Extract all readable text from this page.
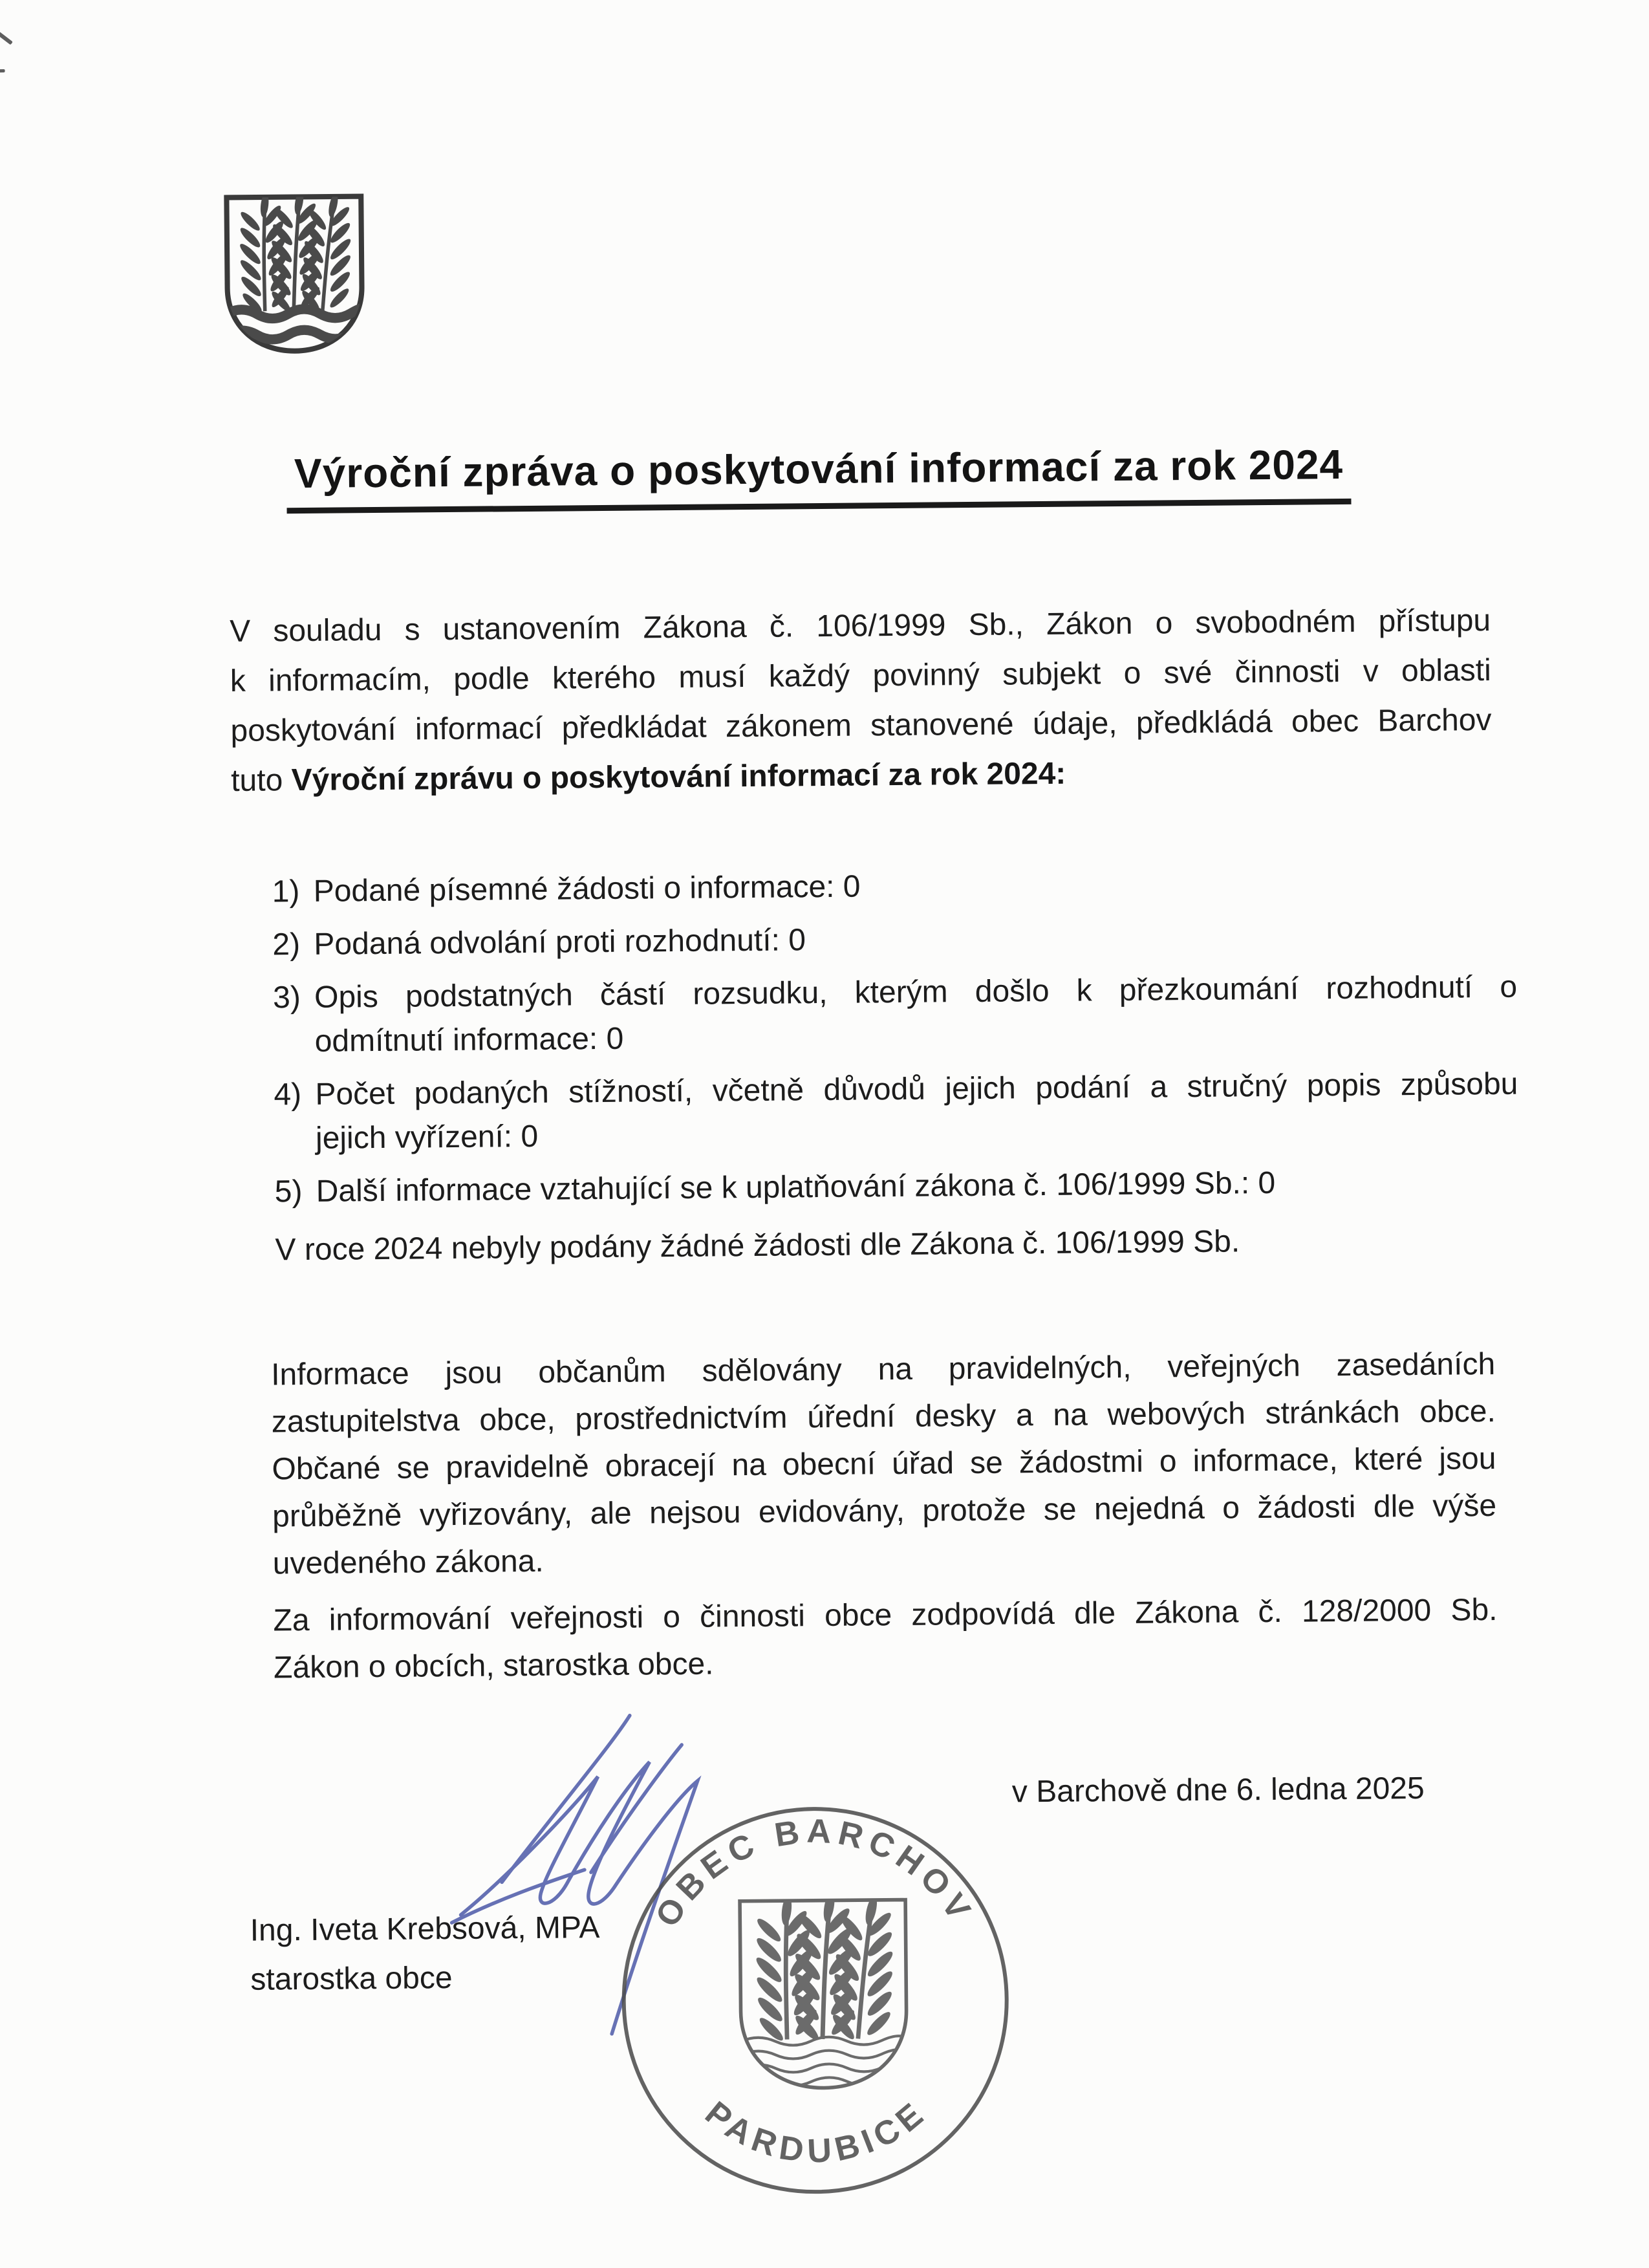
Výroční zpráva o poskytování informací za rok 2024
V souladu s ustanovením Zákona č. 106/1999 Sb., Zákon o svobodném přístupu
k informacím, podle kterého musí každý povinný subjekt o své činnosti v oblasti
poskytování informací předkládat zákonem stanovené údaje, předkládá obec Barchov
tuto Výroční zprávu o poskytování informací za rok 2024:
1) Podané písemné žádosti o informace: 0
2) Podaná odvolání proti rozhodnutí: 0
3) Opis podstatných částí rozsudku, kterým došlo k přezkoumání rozhodnutí o
odmítnutí informace: 0
4) Počet podaných stížností, včetně důvodů jejich podání a stručný popis způsobu
jejich vyřízení: 0
5) Další informace vztahující se k uplatňování zákona č. 106/1999 Sb.: 0
V roce 2024 nebyly podány žádné žádosti dle Zákona č. 106/1999 Sb.
Informace jsou občanům sdělovány na pravidelných, veřejných zasedáních
zastupitelstva obce, prostřednictvím úřední desky a na webových stránkách obce.
Občané se pravidelně obracejí na obecní úřad se žádostmi o informace, které jsou
průběžně vyřizovány, ale nejsou evidovány, protože se nejedná o žádosti dle výše
uvedeného zákona.
Za informování veřejnosti o činnosti obce zodpovídá dle Zákona č. 128/2000 Sb.
Zákon o obcích, starostka obce.
v Barchově dne 6. ledna 2025
Ing. Iveta Krebsová, MPA
starostka obce
OBEC BARCHOV
PARDUBICE
